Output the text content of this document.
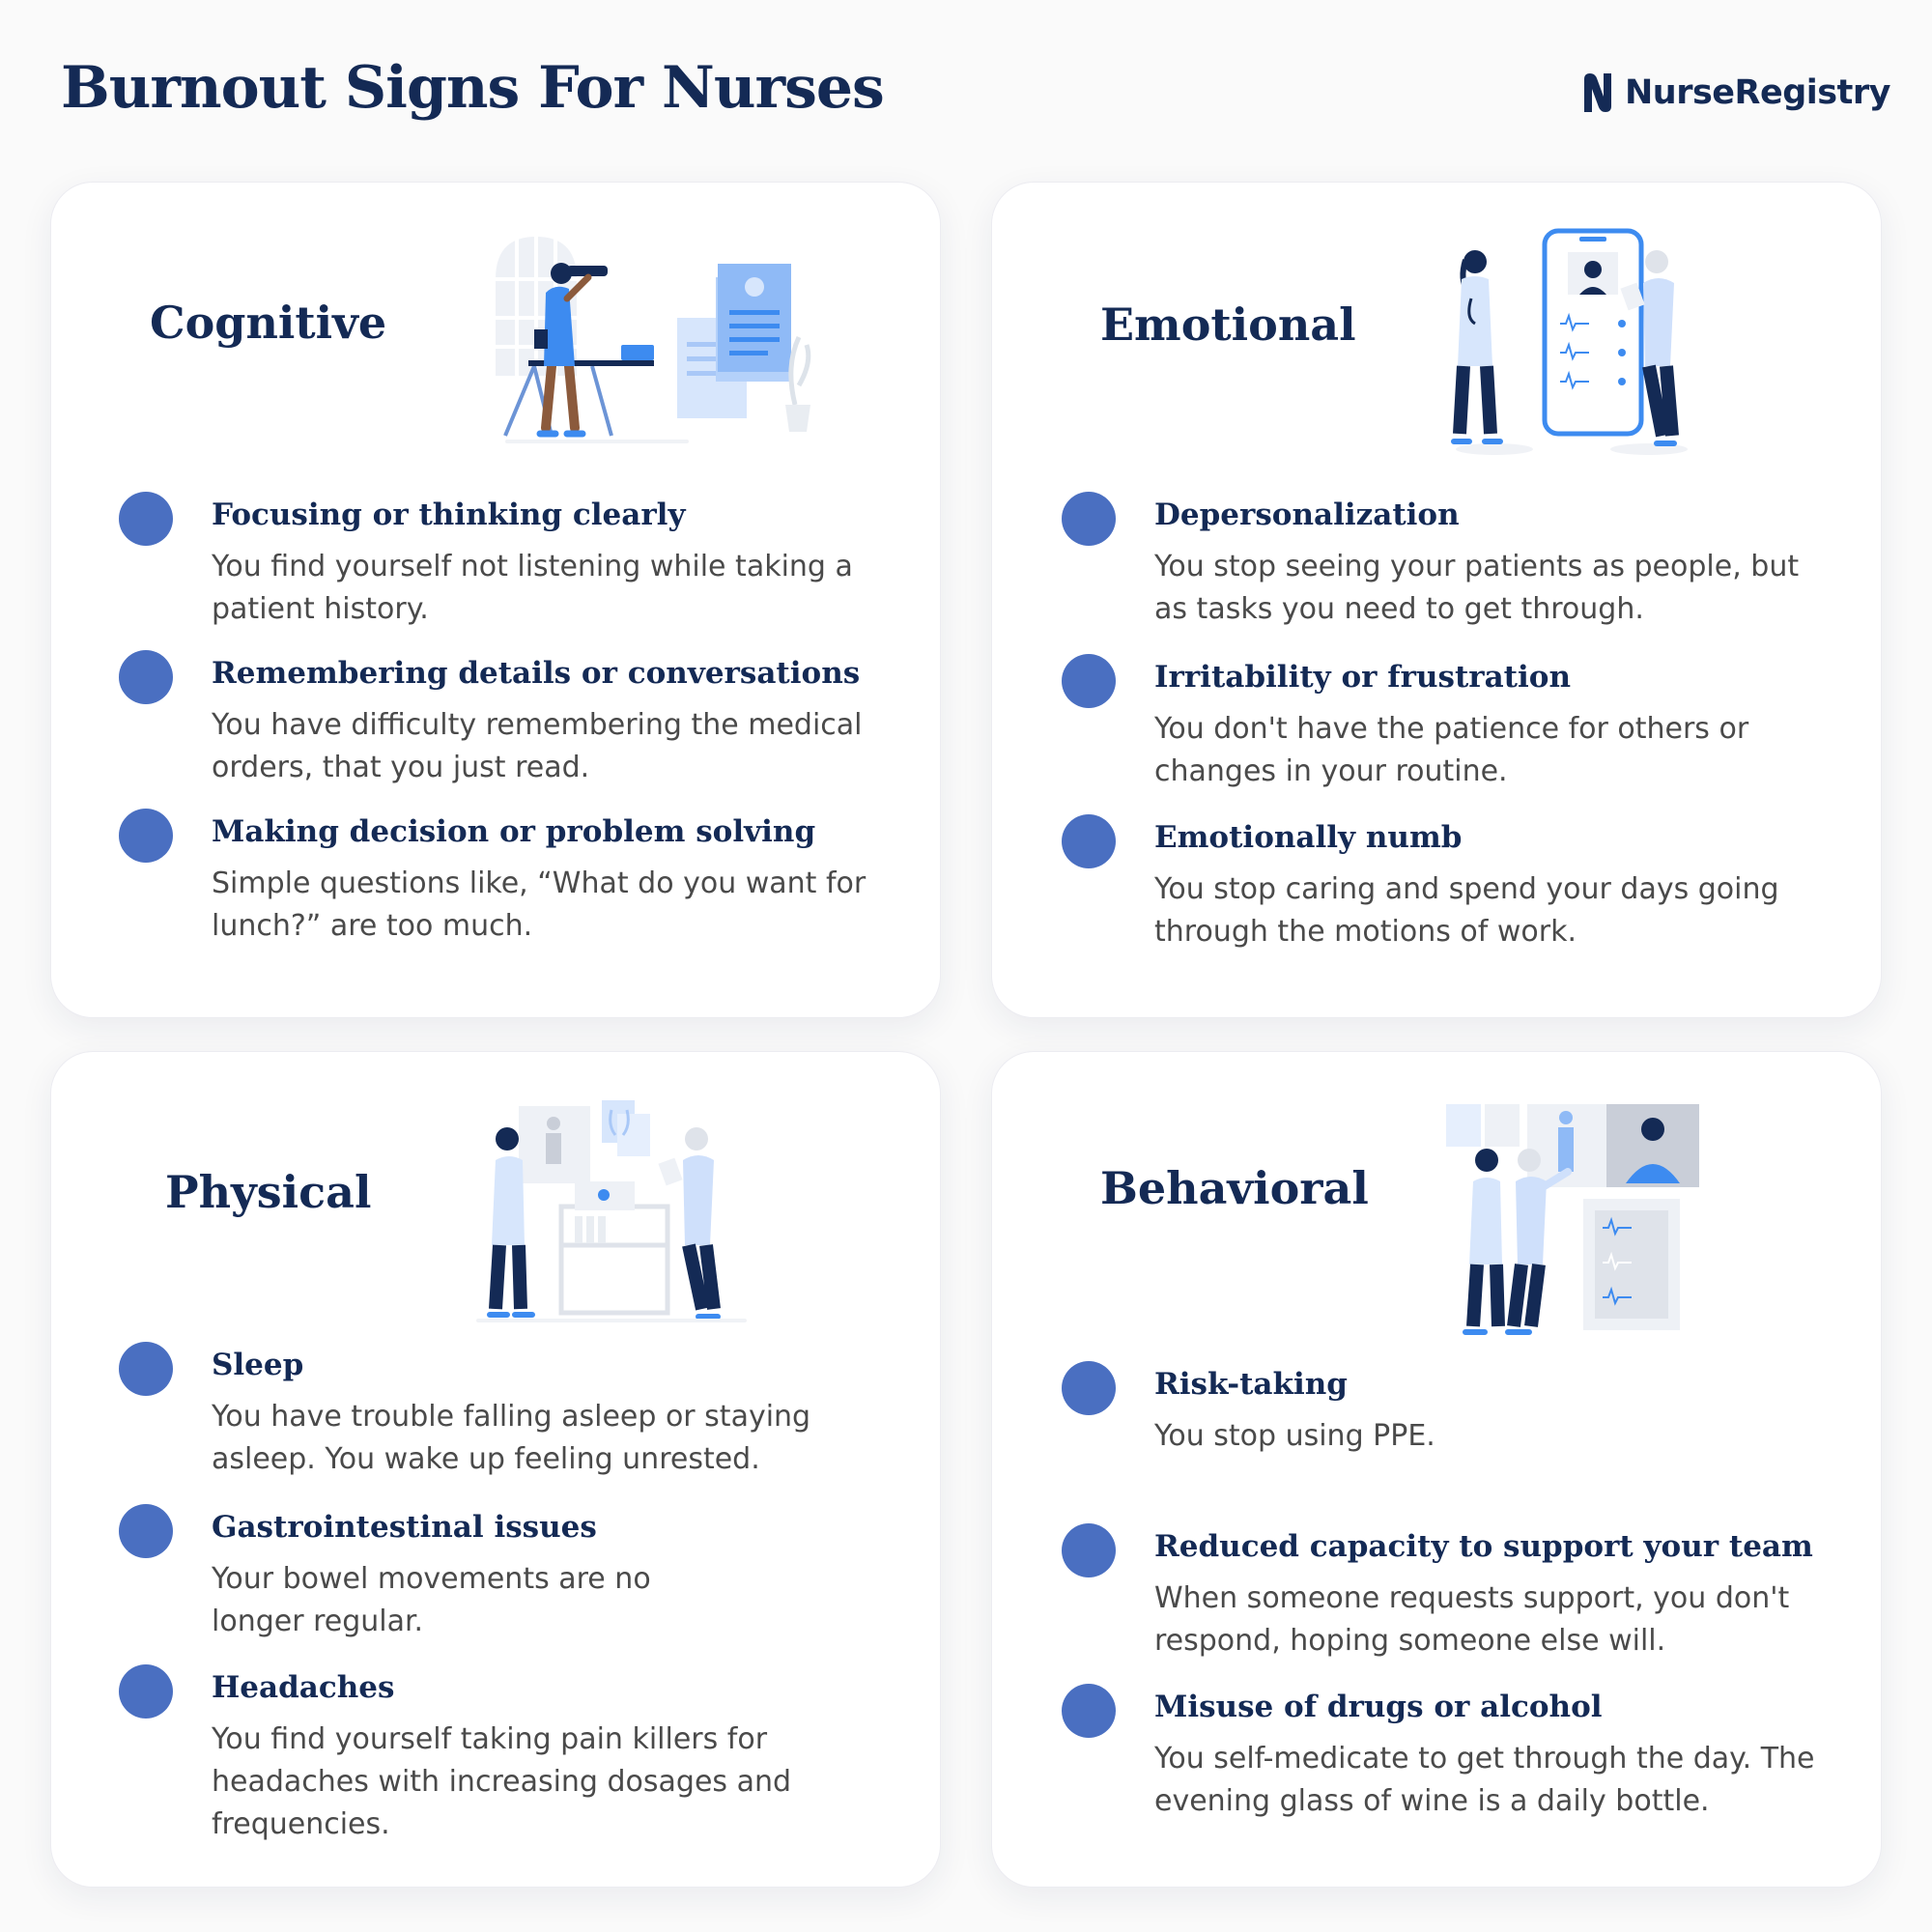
Burnout Signs For Nurses	NurseRegistry
Cognitive
Focusing or thinking clearly

You find yourself not listening while taking a patient history.

Remembering details or conversations

You have difficulty remembering the medical orders, that you just read.

Making decision or problem solving

Simple questions like, “What do you want for lunch?” are too much.

Emotional
Depersonalization

You stop seeing your patients as people, but as tasks you need to get through.

Irritability or frustration

You don't have the patience for others or changes in your routine.

Emotionally numb

You stop caring and spend your days going through the motions of work.

Physical
Sleep

You have trouble falling asleep or staying asleep. You wake up feeling unrested.

Gastrointestinal issues

Your bowel movements are no longer regular.

Headaches

You find yourself taking pain killers for headaches with increasing dosages and frequencies.

Behavioral
Risk-taking

You stop using PPE.

Reduced capacity to support your team

When someone requests support, you don't respond, hoping someone else will.

Misuse of drugs or alcohol

You self-medicate to get through the day. The evening glass of wine is a daily bottle.
